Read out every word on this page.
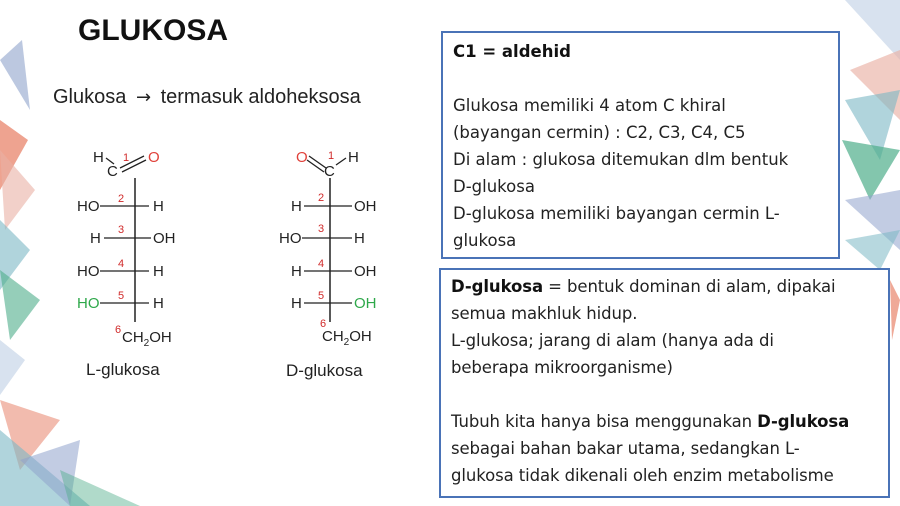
GLUKOSA
Glukosa → termasuk aldoheksosa
H
C
1 O
2
HO	H
3
H	OH
4
HO	H
5
HO	H
6 $CH_2OH$
O 1
C
H
2
H	OH
3
HO	H
4
H	OH
5
H	OH
6
$CH_2OH$
L-glukosa	D-glukosa

C1 = aldehid

Glukosa memiliki 4 atom C khiral

(bayangan cermin) : C2, C3, C4, C5

Di alam : glukosa ditemukan dlm bentuk

D-glukosa

D-glukosa memiliki bayangan cermin L-

glukosa

D-glukosa = bentuk dominan di alam, dipakai

semua makhluk hidup.

L-glukosa; jarang di alam (hanya ada di

beberapa mikroorganisme)

Tubuh kita hanya bisa menggunakan D-glukosa

sebagai bahan bakar utama, sedangkan L-

glukosa tidak dikenali oleh enzim metabolisme
